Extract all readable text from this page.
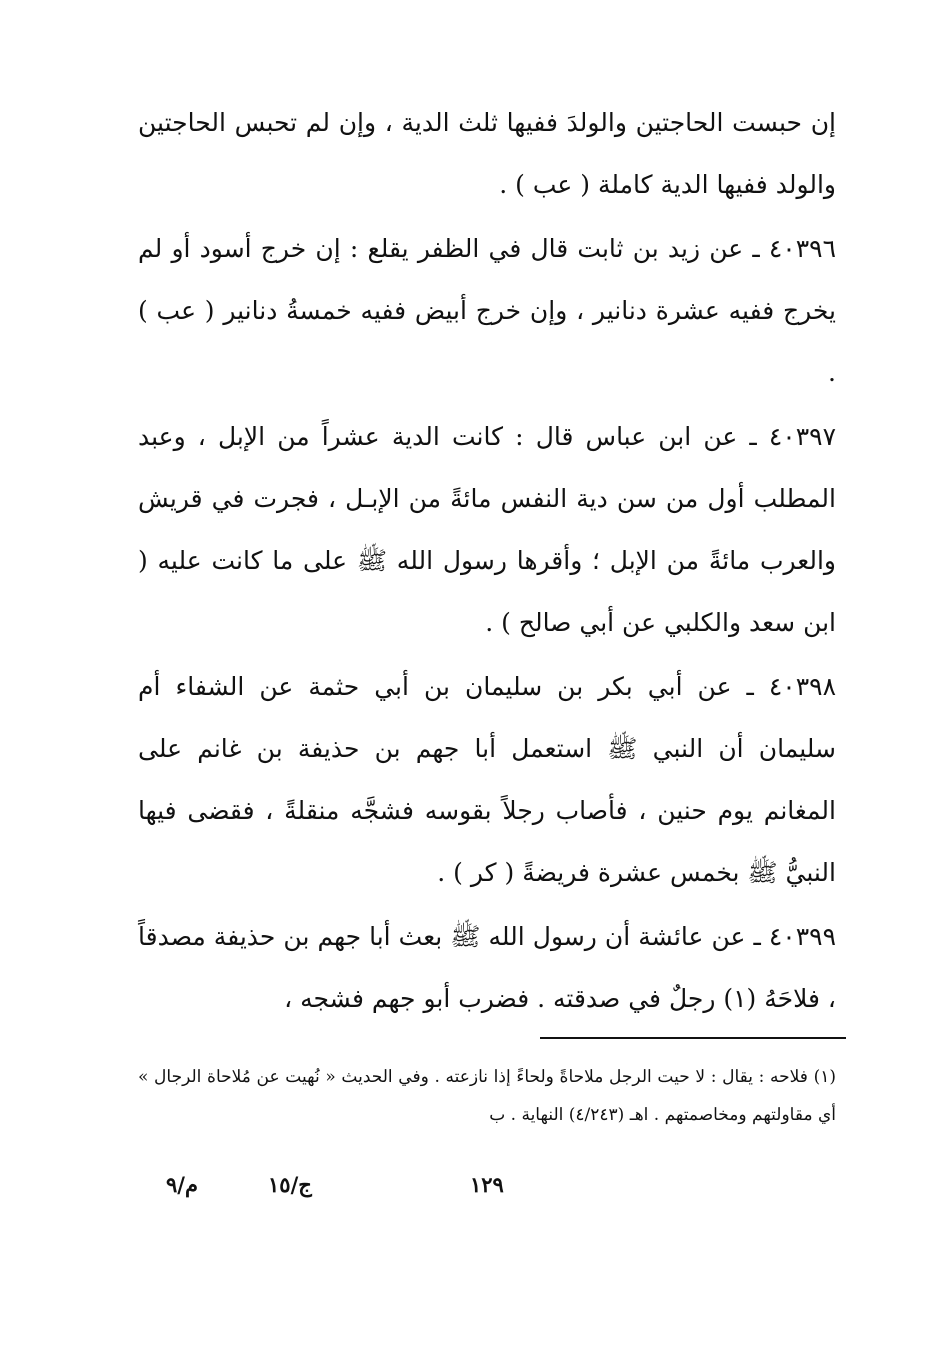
إن حبست الحاجتين والولدَ ففيها ثلث الدية ، وإن لم تحبس الحاجتين والولد ففيها الدية كاملة ( عب ) .

٤٠٣٩٦ ـ عن زيد بن ثابت قال في الظفر يقلع : إن خرج أسود أو لم يخرج ففيه عشرة دنانير ، وإن خرج أبيض ففيه خمسةُ دنانير ( عب ) .

٤٠٣٩٧ ـ عن ابن عباس قال : كانت الدية عشراً من الإبل ، وعبد المطلب أول من سن دية النفس مائةً من الإبـل ، فجرت في قريش والعرب مائةً من الإبل ؛ وأقرها رسول الله ﷺ على ما كانت عليه ( ابن سعد والكلبي عن أبي صالح ) .

٤٠٣٩٨ ـ عن أبي بكر بن سليمان بن أبي حثمة عن الشفاء أم سليمان أن النبي ﷺ استعمل أبا جهم بن حذيفة بن غانم على المغانم يوم حنين ، فأصاب رجلاً بقوسه فشجَّه منقلةً ، فقضى فيها النبيُّ ﷺ بخمس عشرة فريضةً ( كر ) .

٤٠٣٩٩ ـ عن عائشة أن رسول الله ﷺ بعث أبا جهم بن حذيفة مصدقاً ، فلاحَهُ (١) رجلٌ في صدقته . فضرب أبو جهم فشجه ،

(١) فلاحه : يقال : لا حيت الرجل ملاحاةً ولحاءً إذا نازعته . وفي الحديث « نُهيت عن مُلاحاة الرجال » أي مقاولتهم ومخاصمتهم . اهـ (٤/٢٤٣) النهاية . ب

١٢٩
ج/١٥
م/٩
